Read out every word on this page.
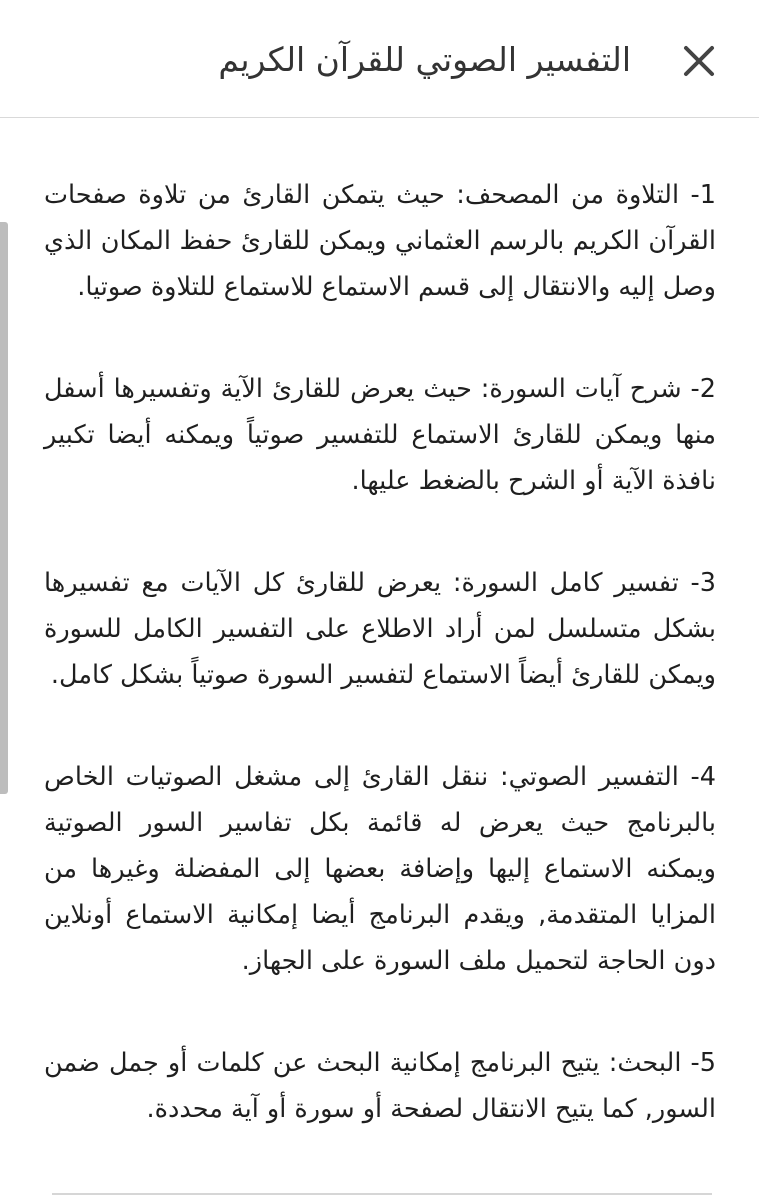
التفسير الصوتي للقرآن الكريم

1- التلاوة من المصحف: حيث يتمكن القارئ من تلاوة صفحات القرآن الكريم بالرسم العثماني ويمكن للقارئ حفظ المكان الذي وصل إليه والانتقال إلى قسم الاستماع للاستماع للتلاوة صوتيا.

2- شرح آيات السورة: حيث يعرض للقارئ الآية وتفسيرها أسفل منها ويمكن للقارئ الاستماع للتفسير صوتياً ويمكنه أيضا تكبير نافذة الآية أو الشرح بالضغط عليها.

3- تفسير كامل السورة: يعرض للقارئ كل الآيات مع تفسيرها بشكل متسلسل لمن أراد الاطلاع على التفسير الكامل للسورة ويمكن للقارئ أيضاً الاستماع لتفسير السورة صوتياً بشكل كامل.

4- التفسير الصوتي: ننقل القارئ إلى مشغل الصوتيات الخاص بالبرنامج حيث يعرض له قائمة بكل تفاسير السور الصوتية ويمكنه الاستماع إليها وإضافة بعضها إلى المفضلة وغيرها من المزايا المتقدمة, ويقدم البرنامج أيضا إمكانية الاستماع أونلاين دون الحاجة لتحميل ملف السورة على الجهاز.

5- البحث: يتيح البرنامج إمكانية البحث عن كلمات أو جمل ضمن السور, كما يتيح الانتقال لصفحة أو سورة أو آية محددة.
